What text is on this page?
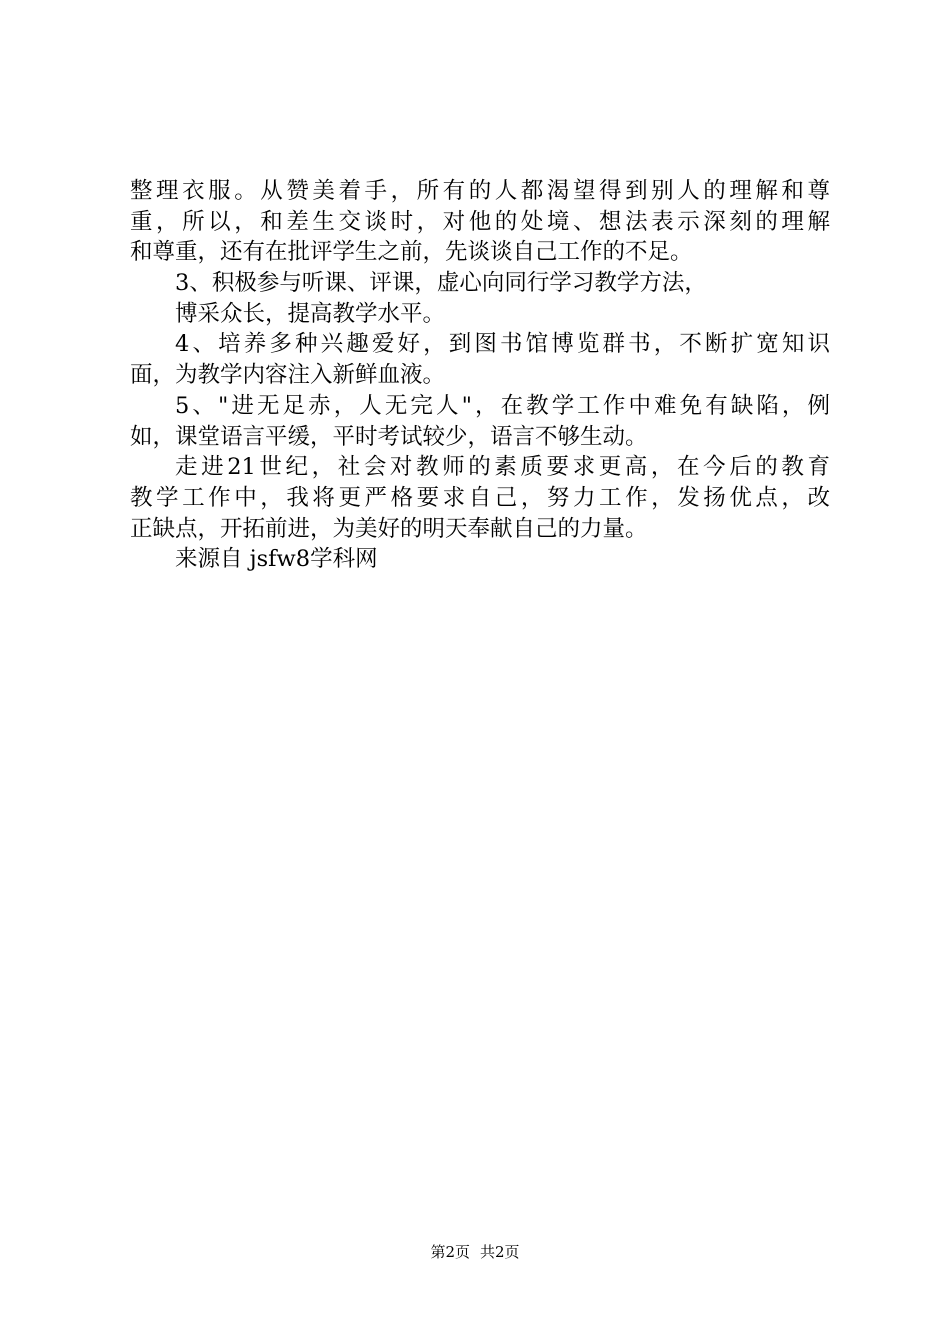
整理衣服。从赞美着手，所有的人都渴望得到别人的理解和尊
重，所以，和差生交谈时，对他的处境、想法表示深刻的理解
和尊重，还有在批评学生之前，先谈谈自己工作的不足。
3、积极参与听课、评课，虚心向同行学习教学方法，
博采众长，提高教学水平。
4、培养多种兴趣爱好，到图书馆博览群书，不断扩宽知识
面，为教学内容注入新鲜血液。
5、"进无足赤，人无完人"，在教学工作中难免有缺陷，例
如，课堂语言平缓，平时考试较少，语言不够生动。
走进21世纪，社会对教师的素质要求更高，在今后的教育
教学工作中，我将更严格要求自己，努力工作，发扬优点，改
正缺点，开拓前进，为美好的明天奉献自己的力量。
来源自 jsfw8学科网
第2页 共2页
